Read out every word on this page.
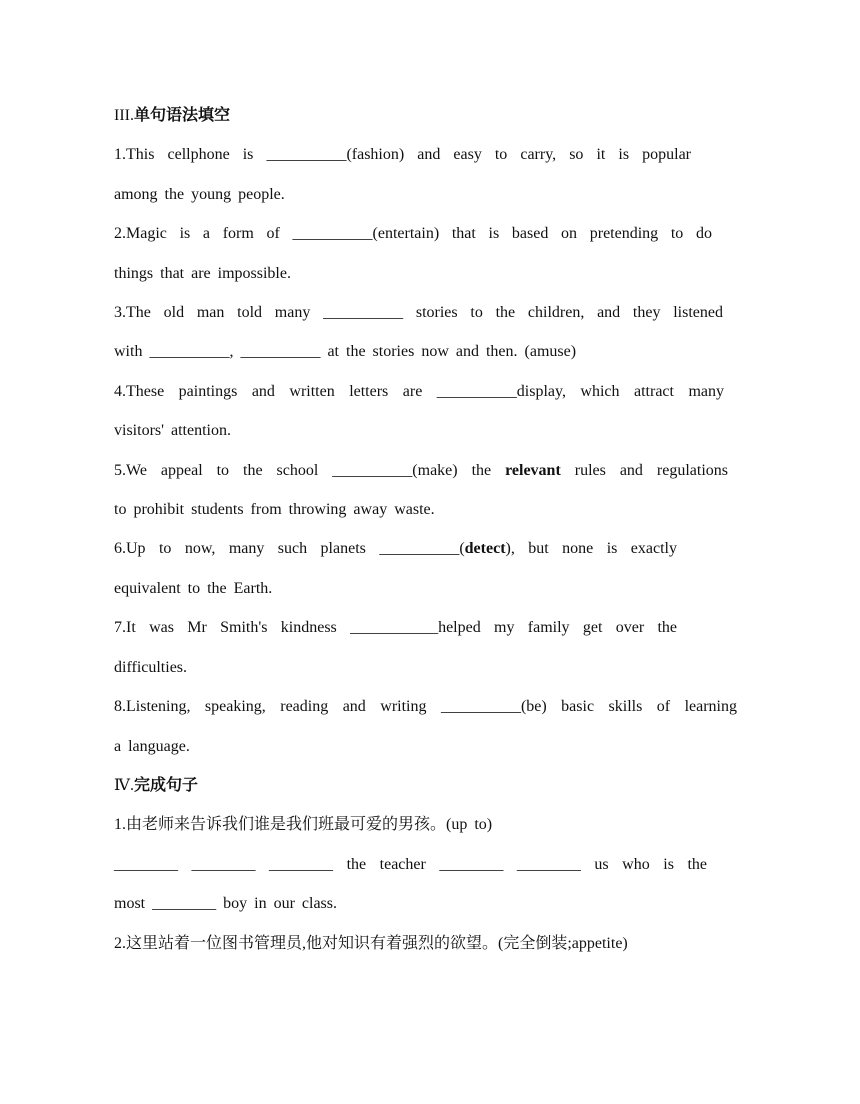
III.单句语法填空
1.This cellphone is __________(fashion) and easy to carry, so it is popular
among the young people.
2.Magic is a form of __________(entertain) that is based on pretending to do
things that are impossible.
3.The old man told many __________ stories to the children, and they listened
with __________, __________ at the stories now and then. (amuse)
4.These paintings and written letters are __________display, which attract many
visitors' attention.
5.We appeal to the school __________(make) the relevant rules and regulations
to prohibit students from throwing away waste.
6.Up to now, many such planets __________(detect), but none is exactly
equivalent to the Earth.
7.It was Mr Smith's kindness ___________helped my family get over the
difficulties.
8.Listening, speaking, reading and writing __________(be) basic skills of learning
a language.
Ⅳ.完成句子
1.由老师来告诉我们谁是我们班最可爱的男孩。(up to)
________ ________ ________ the teacher ________ ________ us who is the
most ________ boy in our class.
2.这里站着一位图书管理员,他对知识有着强烈的欲望。(完全倒装;appetite)
